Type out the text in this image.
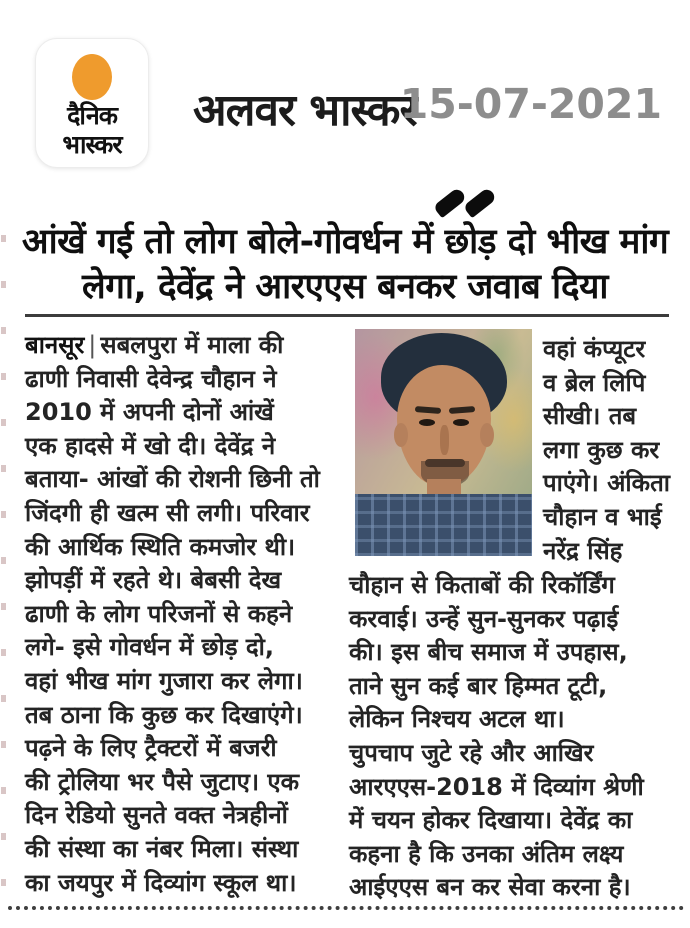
दैनिक
भास्कर
अलवर भास्कर
15-07-2021
आंखें गई तो लोग बोले-गोवर्धन में छोड़ दो भीख मांग
लेगा, देवेंद्र ने आरएएस बनकर जवाब दिया
बानसूर | सबलपुरा में माला की
ढाणी निवासी देवेन्द्र चौहान ने
2010 में अपनी दोनों आंखें
एक हादसे में खो दी। देवेंद्र ने
बताया- आंखों की रोशनी छिनी तो
जिंदगी ही खत्म सी लगी। परिवार
की आर्थिक स्थिति कमजोर थी।
झोपड़ीं में रहते थे। बेबसी देख
ढाणी के लोग परिजनों से कहने
लगे- इसे गोवर्धन में छोड़ दो,
वहां भीख मांग गुजारा कर लेगा।
तब ठाना कि कुछ कर दिखाएंगे।
पढ़ने के लिए ट्रैक्टरों में बजरी
की ट्रोलिया भर पैसे जुटाए। एक
दिन रेडियो सुनते वक्त नेत्रहीनों
की संस्था का नंबर मिला। संस्था
का जयपुर में दिव्यांग स्कूल था।
वहां कंप्यूटर
व ब्रेल लिपि
सीखी। तब
लगा कुछ कर
पाएंगे। अंकिता
चौहान व भाई
नरेंद्र सिंह
चौहान से किताबों की रिकॉर्डिंग
करवाई। उन्हें सुन-सुनकर पढ़ाई
की। इस बीच समाज में उपहास,
ताने सुन कई बार हिम्मत टूटी,
लेकिन निश्चय अटल था।
चुपचाप जुटे रहे और आखिर
आरएएस-2018 में दिव्यांग श्रेणी
में चयन होकर दिखाया। देवेंद्र का
कहना है कि उनका अंतिम लक्ष्य
आईएएस बन कर सेवा करना है।
